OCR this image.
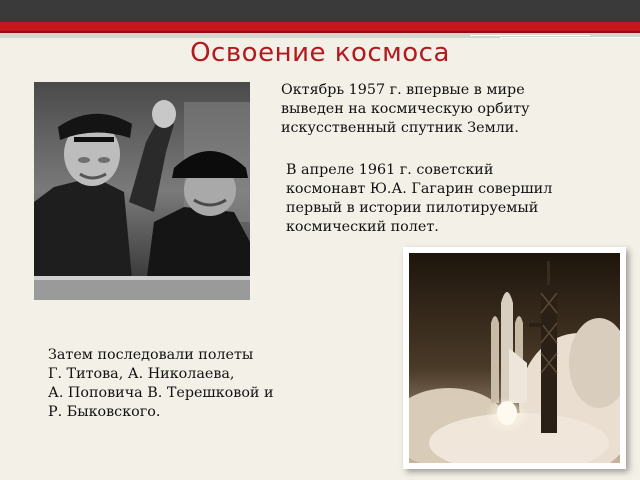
Освоение космоса
Октябрь 1957 г. впервые в мире
выведен на космическую орбиту
искусственный спутник Земли.
В апреле 1961 г. советский
космонавт Ю.А. Гагарин совершил
первый в истории пилотируемый
космический полет.
Затем последовали полеты
Г. Титова, А. Николаева,
А. Поповича В. Терешковой и
Р. Быковского.
